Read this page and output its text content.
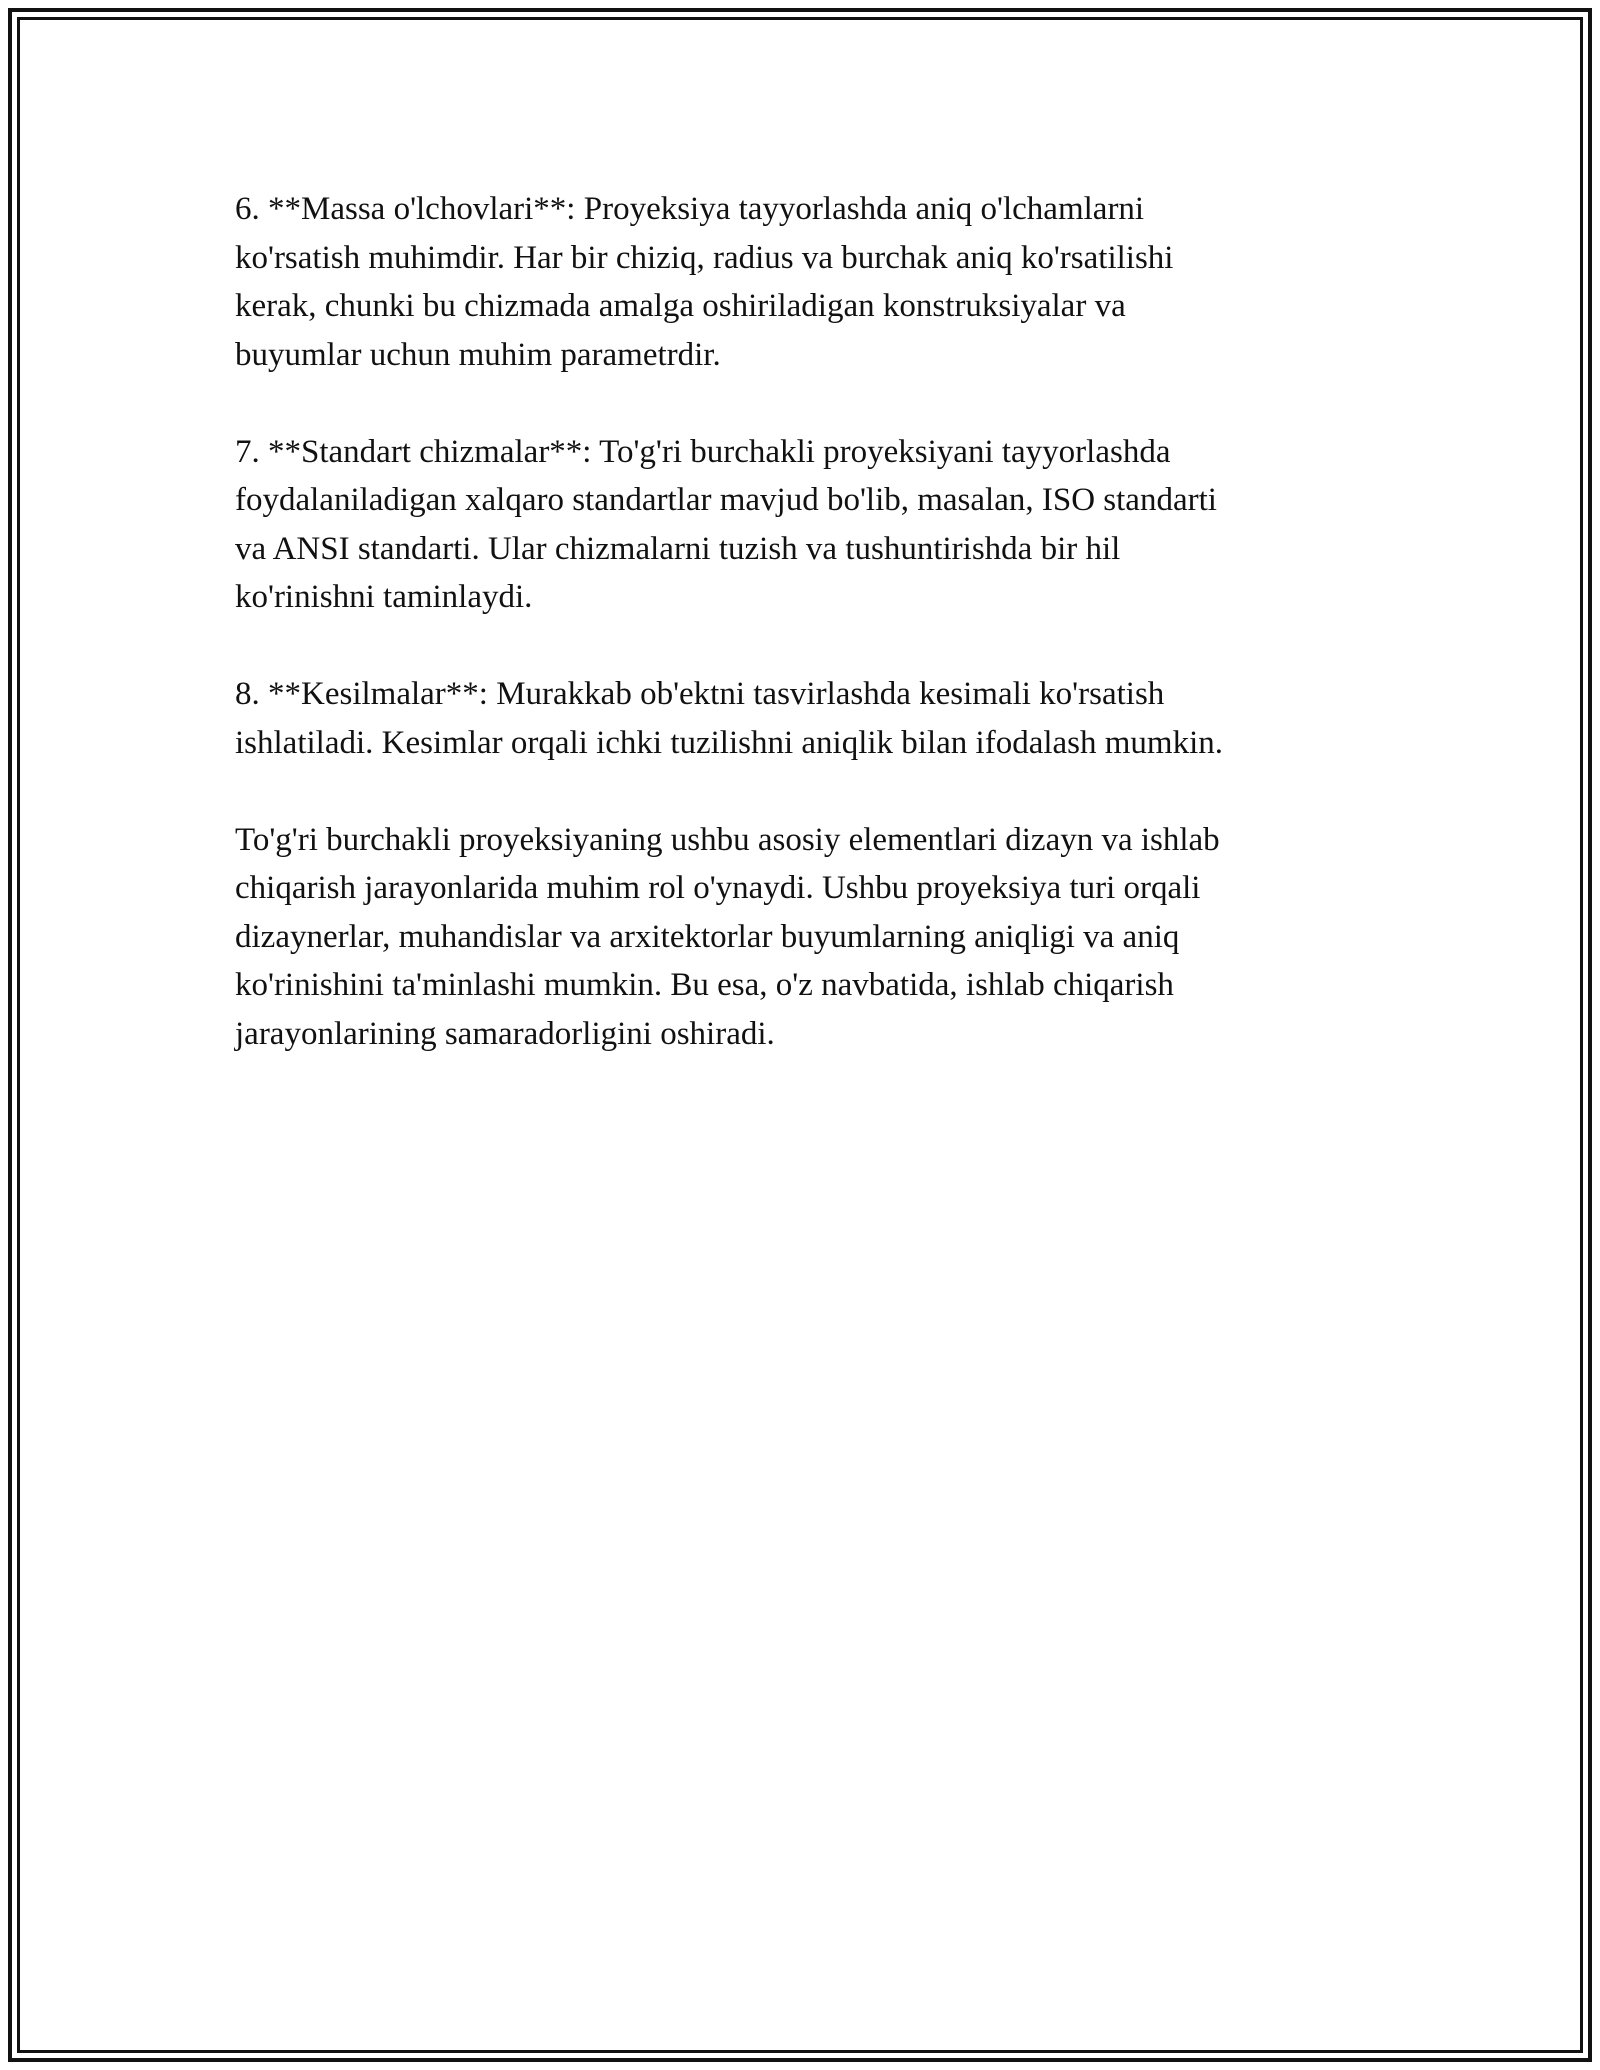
6. **Massa o'lchovlari**: Proyeksiya tayyorlashda aniq o'lchamlarni
ko'rsatish muhimdir. Har bir chiziq, radius va burchak aniq ko'rsatilishi
kerak, chunki bu chizmada amalga oshiriladigan konstruksiyalar va
buyumlar uchun muhim parametrdir.

7. **Standart chizmalar**: To'g'ri burchakli proyeksiyani tayyorlashda
foydalaniladigan xalqaro standartlar mavjud bo'lib, masalan, ISO standarti
va ANSI standarti. Ular chizmalarni tuzish va tushuntirishda bir hil
ko'rinishni taminlaydi.

8. **Kesilmalar**: Murakkab ob'ektni tasvirlashda kesimali ko'rsatish
ishlatiladi. Kesimlar orqali ichki tuzilishni aniqlik bilan ifodalash mumkin.

To'g'ri burchakli proyeksiyaning ushbu asosiy elementlari dizayn va ishlab
chiqarish jarayonlarida muhim rol o'ynaydi. Ushbu proyeksiya turi orqali
dizaynerlar, muhandislar va arxitektorlar buyumlarning aniqligi va aniq
ko'rinishini ta'minlashi mumkin. Bu esa, o'z navbatida, ishlab chiqarish
jarayonlarining samaradorligini oshiradi.
